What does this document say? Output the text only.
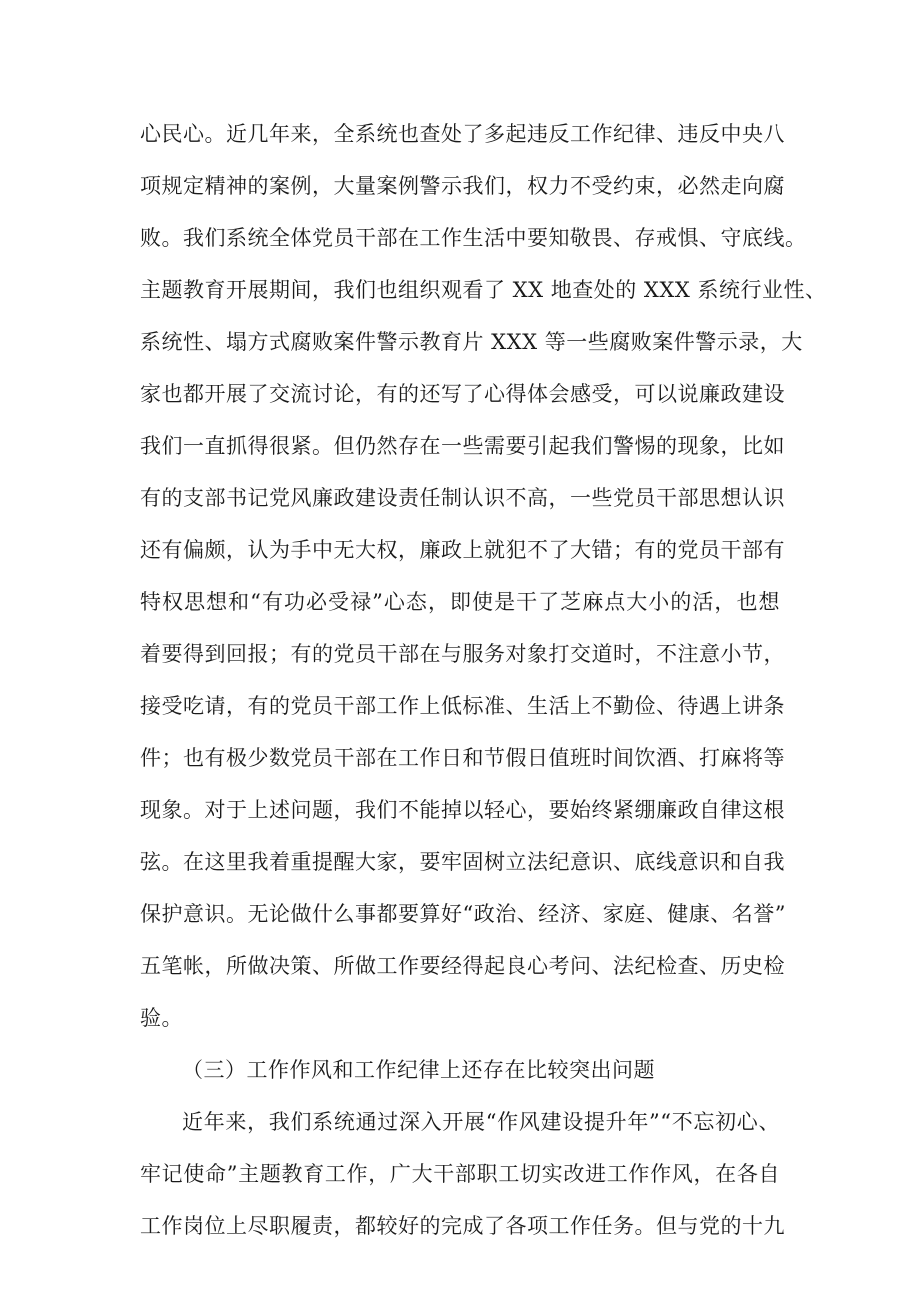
心民心。近几年来，全系统也查处了多起违反工作纪律、违反中央八
项规定精神的案例，大量案例警示我们，权力不受约束，必然走向腐
败。我们系统全体党员干部在工作生活中要知敬畏、存戒惧、守底线。
主题教育开展期间，我们也组织观看了 XX 地查处的 XXX 系统行业性、
系统性、塌方式腐败案件警示教育片 XXX 等一些腐败案件警示录，大
家也都开展了交流讨论，有的还写了心得体会感受，可以说廉政建设
我们一直抓得很紧。但仍然存在一些需要引起我们警惕的现象，比如
有的支部书记党风廉政建设责任制认识不高，一些党员干部思想认识
还有偏颇，认为手中无大权，廉政上就犯不了大错；有的党员干部有
特权思想和“有功必受禄”心态，即使是干了芝麻点大小的活，也想
着要得到回报；有的党员干部在与服务对象打交道时，不注意小节，
接受吃请，有的党员干部工作上低标准、生活上不勤俭、待遇上讲条
件；也有极少数党员干部在工作日和节假日值班时间饮酒、打麻将等
现象。对于上述问题，我们不能掉以轻心，要始终紧绷廉政自律这根
弦。在这里我着重提醒大家，要牢固树立法纪意识、底线意识和自我
保护意识。无论做什么事都要算好“政治、经济、家庭、健康、名誉”
五笔帐，所做决策、所做工作要经得起良心考问、法纪检查、历史检
验。
（三）工作作风和工作纪律上还存在比较突出问题
近年来，我们系统通过深入开展“作风建设提升年”“不忘初心、
牢记使命”主题教育工作，广大干部职工切实改进工作作风，在各自
工作岗位上尽职履责，都较好的完成了各项工作任务。但与党的十九
